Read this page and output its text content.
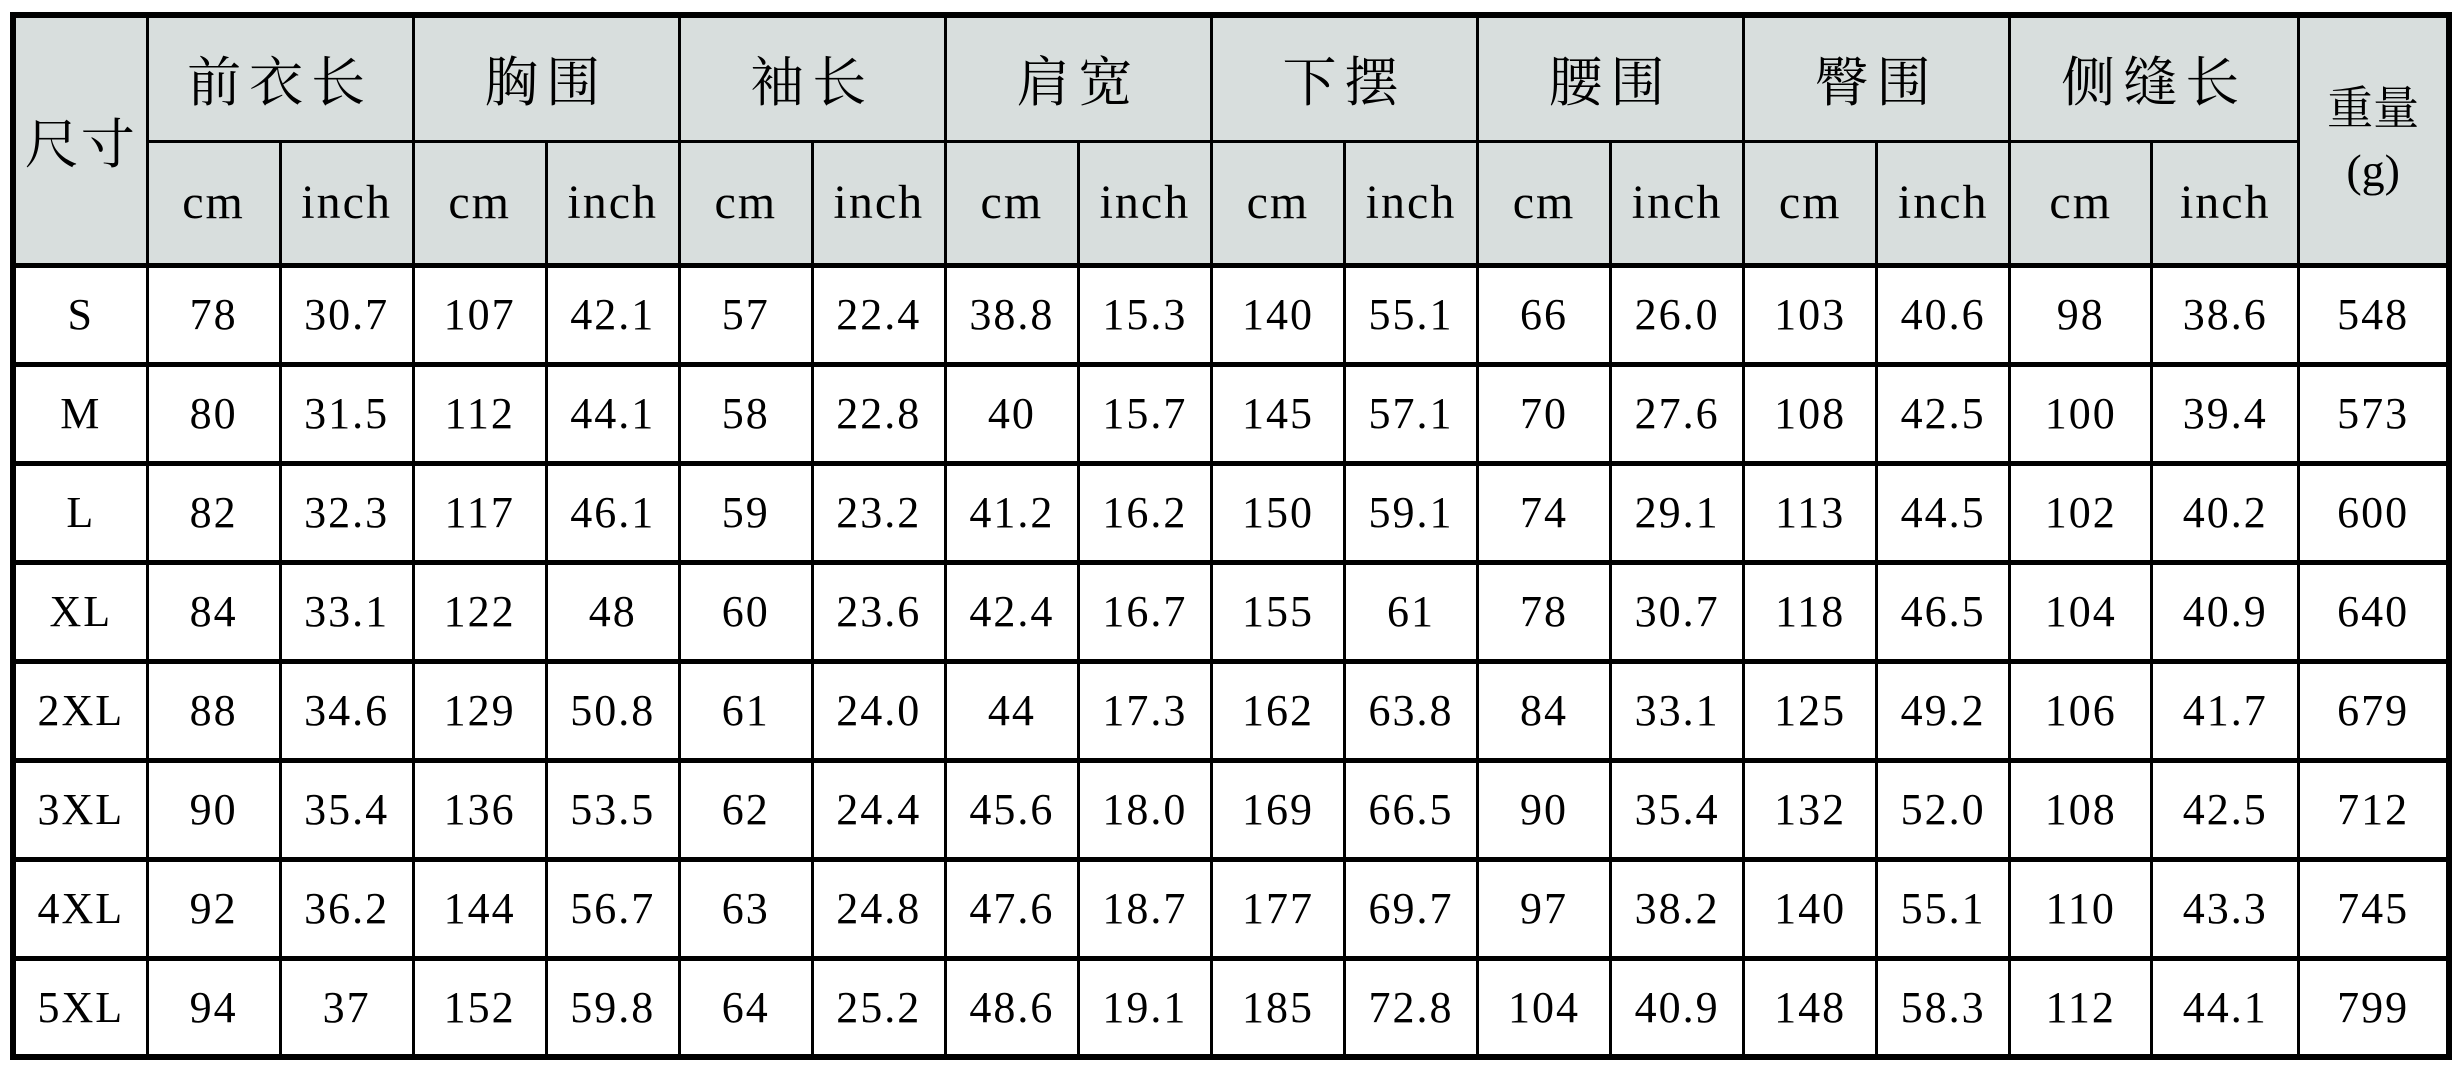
尺寸	前衣长		胸围		袖长		肩宽		下摆		腰围		臀围		侧缝长		重量
(g)

	cm	inch	cm	inch	cm	inch	cm	inch	cm	inch	cm	inch	cm	inch	cm	inch	
S	78	30.7	107	42.1	57	22.4	38.8	15.3	140	55.1	66	26.0	103	40.6	98	38.6	548
M	80	31.5	112	44.1	58	22.8	40	15.7	145	57.1	70	27.6	108	42.5	100	39.4	573
L	82	32.3	117	46.1	59	23.2	41.2	16.2	150	59.1	74	29.1	113	44.5	102	40.2	600
XL	84	33.1	122	48	60	23.6	42.4	16.7	155	61	78	30.7	118	46.5	104	40.9	640
2XL	88	34.6	129	50.8	61	24.0	44	17.3	162	63.8	84	33.1	125	49.2	106	41.7	679
3XL	90	35.4	136	53.5	62	24.4	45.6	18.0	169	66.5	90	35.4	132	52.0	108	42.5	712
4XL	92	36.2	144	56.7	63	24.8	47.6	18.7	177	69.7	97	38.2	140	55.1	110	43.3	745
5XL	94	37	152	59.8	64	25.2	48.6	19.1	185	72.8	104	40.9	148	58.3	112	44.1	799
